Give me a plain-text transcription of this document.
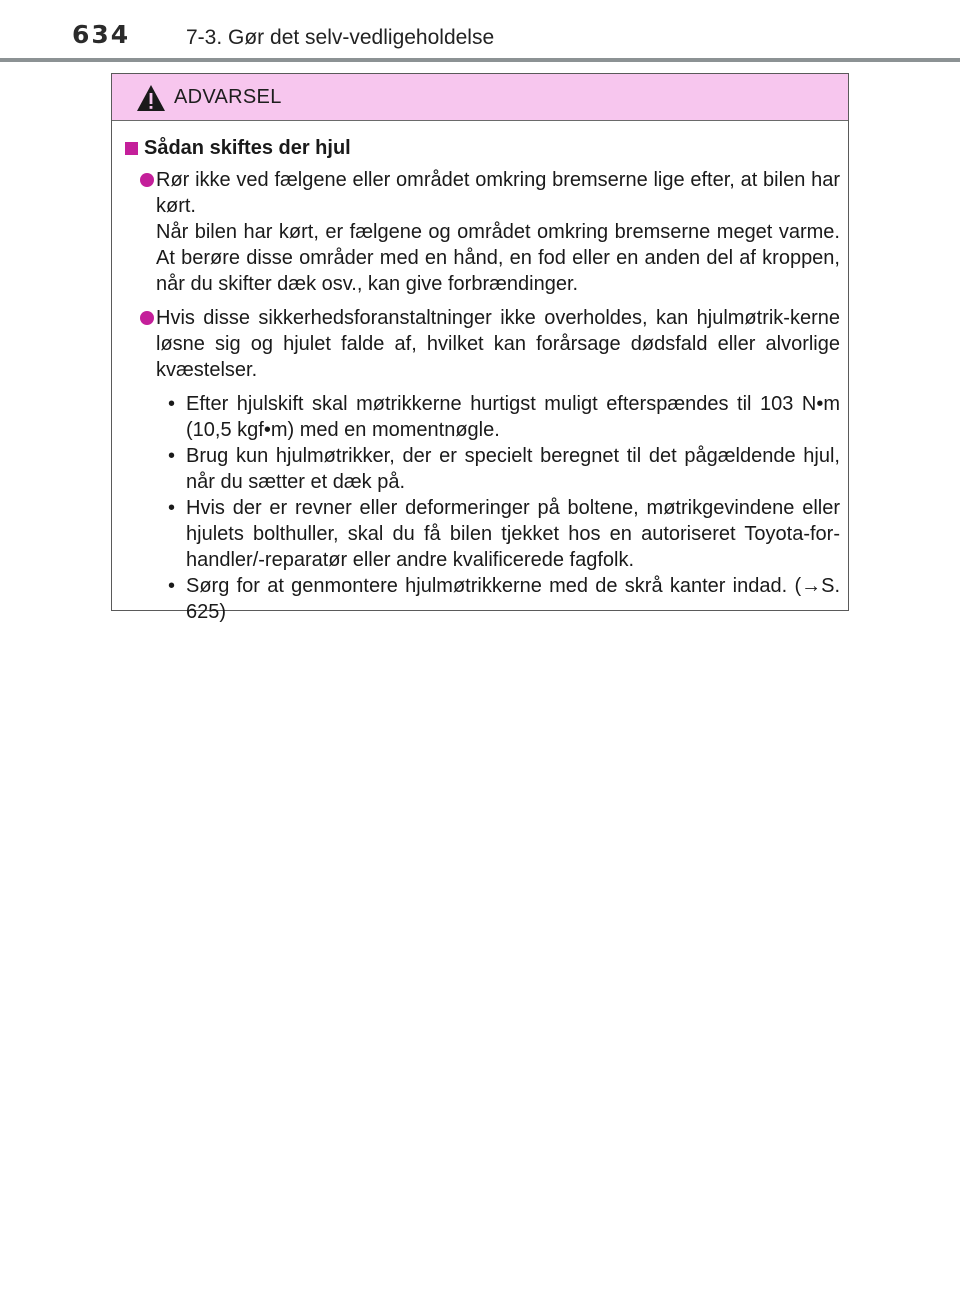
634	7-3. Gør det selv-vedligeholdelse
ADVARSEL
Sådan skiftes der hjul

Rør ikke ved fælgene eller området omkring bremserne lige efter, at bilen har kørt.

Når bilen har kørt, er fælgene og området omkring bremserne meget varme. At berøre disse områder med en hånd, en fod eller en anden del af kroppen, når du skifter dæk osv., kan give forbrændinger.

Hvis disse sikkerhedsforanstaltninger ikke overholdes, kan hjulmøtrik-kerne løsne sig og hjulet falde af, hvilket kan forårsage dødsfald eller alvorlige kvæstelser.

• Efter hjulskift skal møtrikkerne hurtigst muligt efterspændes til 103 N•m (10,5 kgf•m) med en momentnøgle.
• Brug kun hjulmøtrikker, der er specielt beregnet til det pågældende hjul, når du sætter et dæk på.
• Hvis der er revner eller deformeringer på boltene, møtrikgevindene eller hjulets bolthuller, skal du få bilen tjekket hos en autoriseret Toyota-for-handler/-reparatør eller andre kvalificerede fagfolk.
• Sørg for at genmontere hjulmøtrikkerne med de skrå kanter indad. (→S. 625)
